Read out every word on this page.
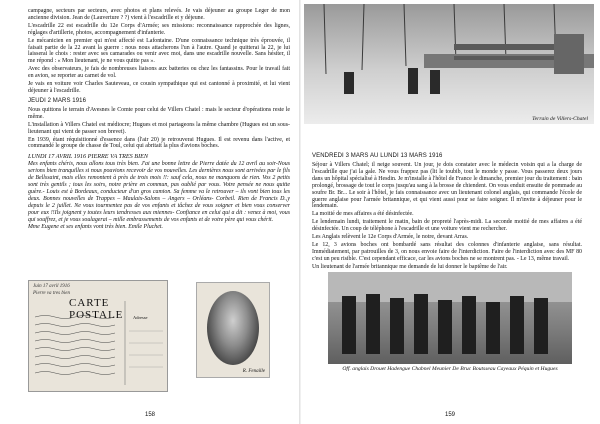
campagne, secteurs par secteurs, avec photos et plans relevés. Je vais déjeuner au groupe Leger de mon ancienne division. Jean de (Lauverture ? ?) vient à l'escadrille et y déjeune.

L'escadrille 22 est escadrille du 12e Corps d'Armée; ses missions: reconnaissance rapprochée des lignes, réglages d'artillerie, photos, accompagnement d'infanterie.

Le mécanicien en premier qui m'est affecté est Lafontaine. D'une connaissance technique très éprouvée, il faisait partie de la 22 avant la guerre : nous nous attacherons l'un à l'autre. Quand je quitterai la 22, je lui laisserai le chois : rester avec ses camarades ou venir avec moi, dans une escadrille nouvelle. Sans hésiter, il me répond : « Mon lieutenant, je ne vous quitte pas ».

Avec des observateurs, je fais de nombreuses liaisons aux batteries ou chez les fantassins. Pour le travail fait en avion, se reporter au carnet de vol.

Je vais en voiture voir Charles Sauteveau, ce cousin sympathique qui est cantonné à proximité, et lui vient déjeuner à l'escadrille.

JEUDI 2 MARS 1916

Nous quittons le terrain d'Avesnes le Comte pour celui de Villers Chatel : mais le secteur d'opérations reste le même.

L'installation à Villers Chatel est médiocre; Hugues et moi partageons la même chambre (Hugues est un sous-lieutenant qui vient de passer son brevet).

En 1939, étant réquisitionné d'essence dans (l'air 20) je retrouverai Hugues. Il est revenu dans l'active, et commandé le groupe de chasse de Toul, celui qui abritait la plus d'avions boches.

LUNDI 17 AVRIL 1916 PIERRE VA TRES BIEN

Mes enfants chéris, nous allons tous très bien. J'ai une bonne lettre de Pierre datée du 12 avril au soir-Nous serions bien tranquilles si nous pouvions recevoir de vos nouvelles. Les dernières nous sont arrivées par le fils de Bellssaint, mais elles remontent à près de trois mois !!: sauf cela, nous ne manquons de rien. Vos 2 petits sont très gentils ; tous les soirs, notre prière en commun, pas oublié par vous. Votre pensée ne nous quitte guère.- Louis est à Bordeaux, conducteur d'un gros camion. Sa femme va le retrouver – ils vont bien tous les deux. Bonnes nouvelles de Trappes – Maulaix-Salons – Angers – Orléans- Corbeil. Rien de Francis D.,y depuis le 2 juillet. Ne vous tourmentez pas de vos enfants et tâchez de vous soigner et bien vous conserver pour eux !!Ils joignent y toutes leurs tendresses aux miennes- Confiance en celui qui a dit : venez à moi, vous qui souffrez, et je vous soulagerai – mille embrassements de vos enfants et de votre père qui vous chérit.

Mme Eugene et ses enfants vont très bien. Emile Pluchet.

Juin 17 avril 1916
Pierre va tres bien
CARTE POSTALE	Adresse
R. Fenaille
158
Terrain de Villers-Chatel
VENDREDI 3 MARS AU LUNDI 13 MARS 1916

Séjour à Villers Chatel; il neige souvent. Un jour, je dois constater avec le médecin voisin qui a la charge de l'escadrille que j'ai la gale. Ne vous frappez pas (lit le toubib, tout le monde y passe. Vous passerez deux jours dans un hôpital spécialisé à Hesdin. Je m'installe à l'hôtel de France le dimanche, premier jour du traitement : bain prolongé, brossage de tout le corps jusqu'au sang à la brosse de chiendent. On vous enduit ensuite de pommade au soufre Br. Br... Le soir à l'hôtel, je fais connaissance avec un lieutenant colonel anglais, qui commande l'école de guerre anglaise pour l'armée britannique, et qui vient aussi pour se faire soigner. Il m'invite à déjeuner pour le lendemain.

La moitié de mes affaires a été désinfectée.

Le lendemain lundi, traitement le matin, bain de propreté l'après-midi. La seconde moitié de mes affaires a été désinfectée. Un coup de téléphone à l'escadrille et une voiture vient me rechercher.

Les Anglais relèvent le 12e Corps d'Armée, le notre, devant Arras.

Le 12, 3 avions boches ont bombardé sans résultat des colonnes d'infanterie anglaise, sans résultat. Immédiatement, par patrouilles de 3, on nous envoie faire de l'interdiction. Faire de l'interdiction avec des MF 80 c'est un peu risible. C'est cependant efficace, car les avions boches ne se montrent pas. - Le 13, même travail.

Un lieutenant de l'armée britannique me demande de lui donner le baptême de l'air.

Off. anglais Drouet Hadengue Chabnel Meunier De Bruc Boutsseau Cayeaux Péquin et Hugues
159
